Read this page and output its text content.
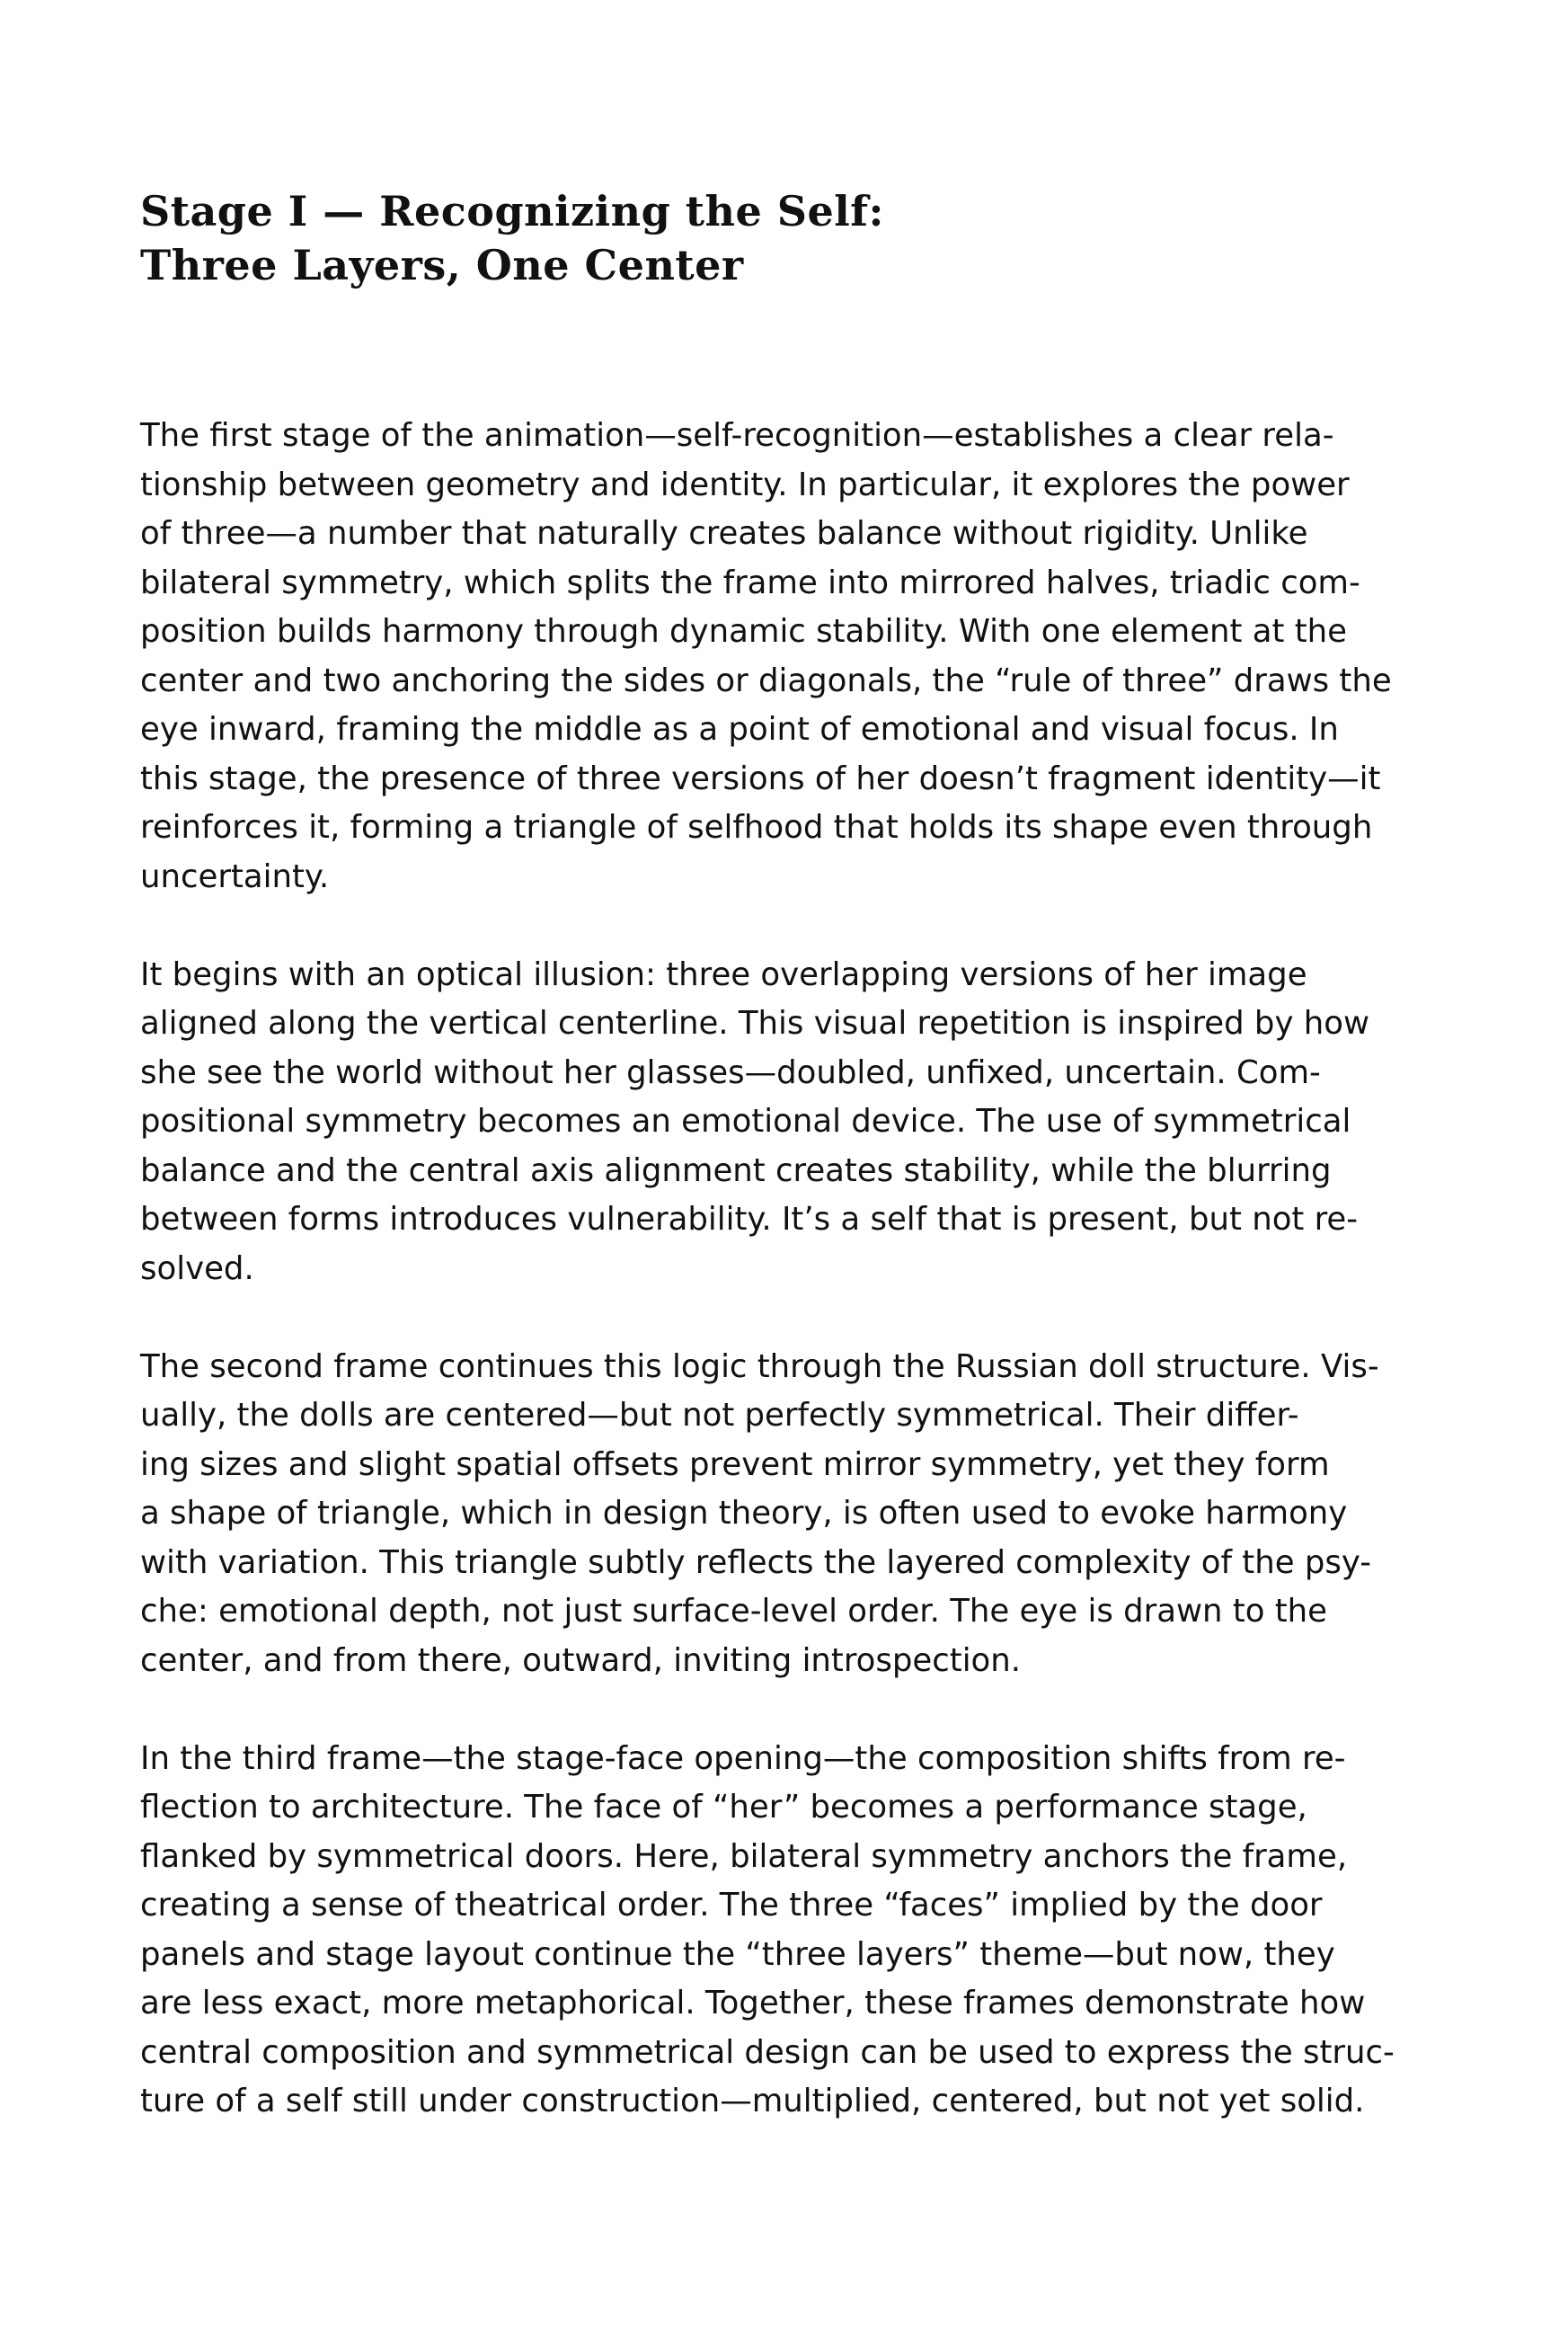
Stage I — Recognizing the Self:
Three Layers, One Center

The first stage of the animation—self-recognition—establishes a clear rela-
tionship between geometry and identity. In particular, it explores the power
of three—a number that naturally creates balance without rigidity. Unlike
bilateral symmetry, which splits the frame into mirrored halves, triadic com-
position builds harmony through dynamic stability. With one element at the
center and two anchoring the sides or diagonals, the “rule of three” draws the
eye inward, framing the middle as a point of emotional and visual focus. In
this stage, the presence of three versions of her doesn’t fragment identity—it
reinforces it, forming a triangle of selfhood that holds its shape even through
uncertainty.

It begins with an optical illusion: three overlapping versions of her image
aligned along the vertical centerline. This visual repetition is inspired by how
she see the world without her glasses—doubled, unfixed, uncertain. Com-
positional symmetry becomes an emotional device. The use of symmetrical
balance and the central axis alignment creates stability, while the blurring
between forms introduces vulnerability. It’s a self that is present, but not re-
solved.

The second frame continues this logic through the Russian doll structure. Vis-
ually, the dolls are centered—but not perfectly symmetrical. Their differ-
ing sizes and slight spatial offsets prevent mirror symmetry, yet they form
a shape of triangle, which in design theory, is often used to evoke harmony
with variation. This triangle subtly reflects the layered complexity of the psy-
che: emotional depth, not just surface-level order. The eye is drawn to the
center, and from there, outward, inviting introspection.

In the third frame—the stage-face opening—the composition shifts from re-
flection to architecture. The face of “her” becomes a performance stage,
flanked by symmetrical doors. Here, bilateral symmetry anchors the frame,
creating a sense of theatrical order. The three “faces” implied by the door
panels and stage layout continue the “three layers” theme—but now, they
are less exact, more metaphorical. Together, these frames demonstrate how
central composition and symmetrical design can be used to express the struc-
ture of a self still under construction—multiplied, centered, but not yet solid.
